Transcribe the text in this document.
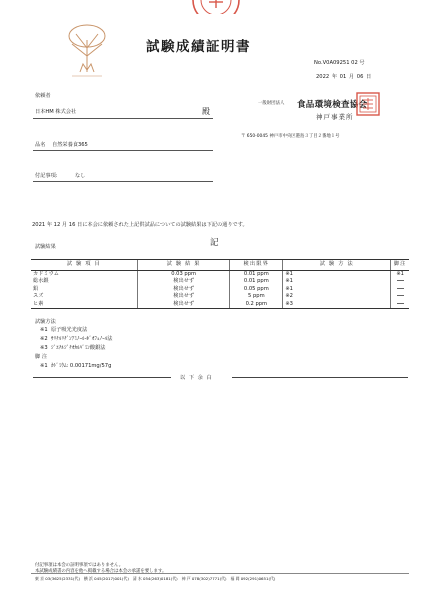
試験成績証明書
No.V0A09251 02 号
2022 年 01 月 06 日
依頼者
日本HM 株式会社	殿
一般財団法人 食品環境検査協会
神戸事業所
〒 650-0045 神戸市中央区港島３丁目２番地１号
品名 自然栄養食365
付記事項:	なし
2021 年 12 月 16 日に本会に依頼された上記供試品についての試験結果は下記の通りです。
試験結果	記
試 験 項 目	試 験 結 果	検出限界	試 験 方 法	脚注
カドミウム	0.03 ppm	0.01 ppm	※1	※1
総水銀	検出せず	0.01 ppm	※1	
鉛	検出せず	0.05 ppm	※1	
スズ	検出せず	5 ppm	※2	
ヒ素	検出せず	0.2 ppm	※3	
試験方法
※1 原子吸光光度法
※2 ｻﾘﾁﾙﾘﾁﾞﾝｱﾐﾉｰﾙ-ﾎﾞｵﾌｪﾉｰﾙ法
※3 ｼﾞｴﾁﾙｼﾞﾁｵｶﾙﾊﾞﾐﾝ酸銀法
脚 注
※1 ｶﾄﾞﾐｳﾑ: 0.00171mg/57g
以 下 余 白
付記事項は本会の証明事項ではありません。
本試験成績書の内容を他へ掲載する場合は本会の承諾を要します。
東 京 03(3625)2331(代)　横 浜 045(2017)001(代)　清 水 054(263)0181(代)　神 戸 078(302)7771(代)　福 岡 092(291)0651(代)
